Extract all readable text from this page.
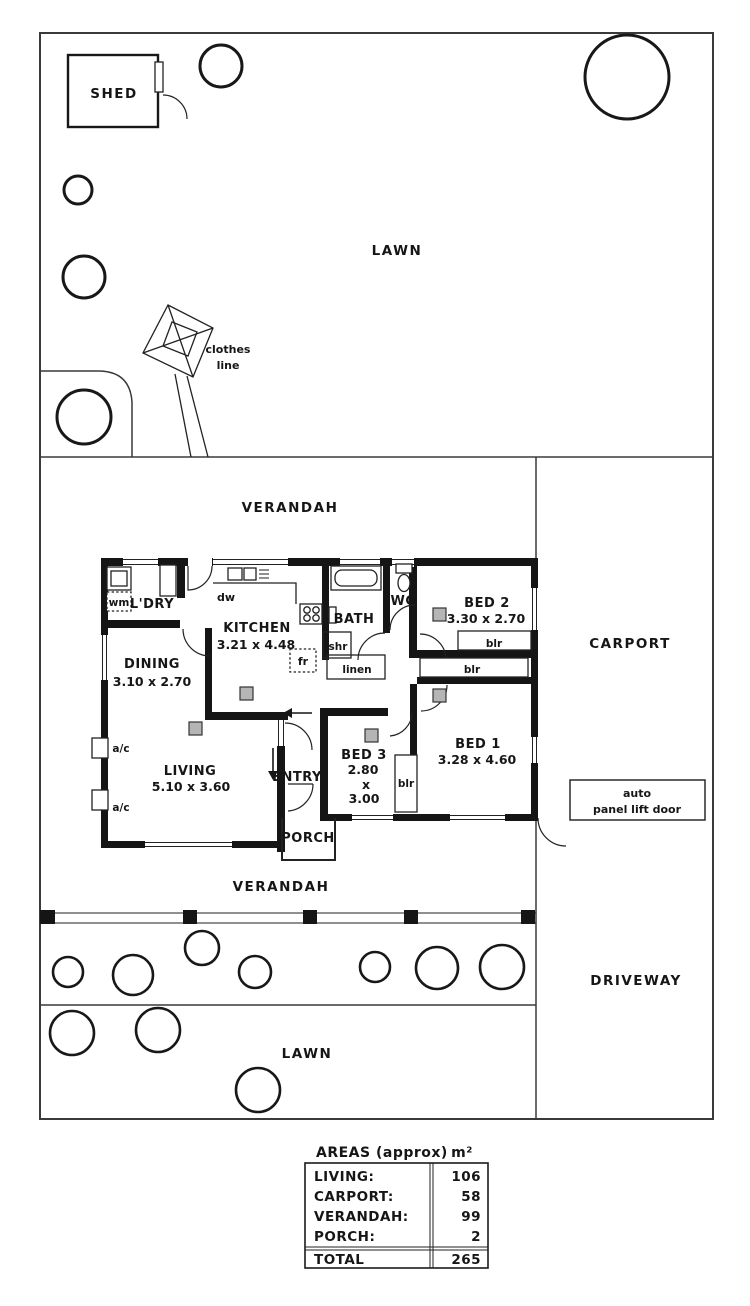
SHED
LAWN
clothes
line
VERANDAH
VERANDAH
CARPORT
DRIVEWAY
auto
panel lift door
LAWN
L'DRY
KITCHEN
3.21 x 4.48
DINING
3.10 x 2.70
LIVING
5.10 x 3.60
BATH
WC	BED 2
3.30 x 2.70
BED 3
2.80
x
3.00
BED 1
3.28 x 4.60
ENTRY
PORCH
wm	dw
fr
shr
linen
blr
blr
blr
a/c
a/c
AREAS (approx) m²
LIVING:	106
CARPORT:	58
VERANDAH:	99
PORCH:	2
TOTAL	265
